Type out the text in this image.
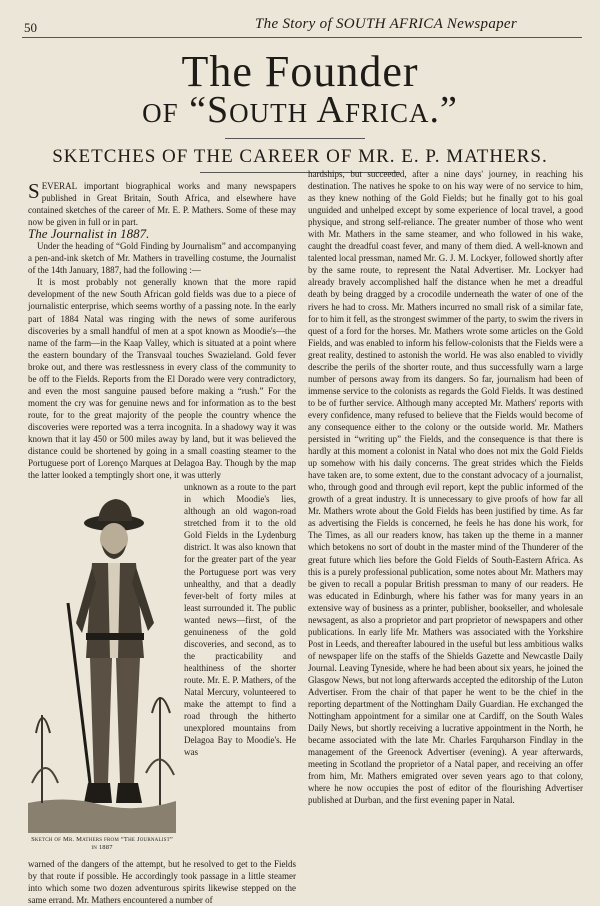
50	The Story of SOUTH AFRICA Newspaper
The Founder
of “South Africa.”
SKETCHES OF THE CAREER OF MR. E. P. MATHERS.

SEVERAL important biographical works and many newspapers published in Great Britain, South Africa, and elsewhere have contained sketches of the career of Mr. E. P. Mathers. Some of these may now be given in full or in part.

The Journalist in 1887.

Under the heading of “Gold Finding by Journalism” and accompanying a pen-and-ink sketch of Mr. Mathers in travelling costume, the Journalist of the 14th January, 1887, had the following :—

It is most probably not generally known that the more rapid development of the new South African gold fields was due to a piece of journalistic enterprise, which seems worthy of a passing note. In the early part of 1884 Natal was ringing with the news of some auriferous discoveries by a small handful of men at a spot known as Moodie's—the name of the farm—in the Kaap Valley, which is situated at a point where the eastern boundary of the Transvaal touches Swazieland. Gold fever broke out, and there was restlessness in every class of the community to be off to the Fields. Reports from the El Dorado were very contradictory, and even the most sanguine paused before making a “rush.” For the moment the cry was for genuine news and for information as to the best route, for to the great majority of the people the country whence the discoveries were reported was a terra incognita. In a shadowy way it was known that it lay 450 or 500 miles away by land, but it was believed the distance could be shortened by going in a small coasting steamer to the Portuguese port of Lorenço Marques at Delagoa Bay. Though by the map the latter looked a temptingly short one, it was utterly

Sketch of Mr. Mathers from “The Journalist” in 1887

unknown as a route to the part in which Moodie's lies, although an old wagon-road stretched from it to the old Gold Fields in the Lydenburg district. It was also known that for the greater part of the year the Portuguese port was very unhealthy, and that a deadly fever-belt of forty miles at least surrounded it. The public wanted news—first, of the genuineness of the gold discoveries, and second, as to the practicability and healthiness of the shorter route. Mr. E. P. Mathers, of the Natal Mercury, volunteered to make the attempt to find a road through the hitherto unexplored mountains from Delagoa Bay to Moodie's. He was

warned of the dangers of the attempt, but he resolved to get to the Fields by that route if possible. He accordingly took passage in a little steamer into which some two dozen adventurous spirits likewise stepped on the same errand. Mr. Mathers encountered a number of

hardships, but succeeded, after a nine days' journey, in reaching his destination. The natives he spoke to on his way were of no service to him, as they knew nothing of the Gold Fields; but he finally got to his goal unguided and unhelped except by some experience of local travel, a good physique, and strong self-reliance. The greater number of those who went with Mr. Mathers in the same steamer, and who followed in his wake, caught the dreadful coast fever, and many of them died. A well-known and talented local pressman, named Mr. G. J. M. Lockyer, followed shortly after by the same route, to represent the Natal Advertiser. Mr. Lockyer had already bravely accomplished half the distance when he met a dreadful death by being dragged by a crocodile underneath the water of one of the rivers he had to cross. Mr. Mathers incurred no small risk of a similar fate, for to him it fell, as the strongest swimmer of the party, to swim the rivers in quest of a ford for the horses. Mr. Mathers wrote some articles on the Gold Fields, and was enabled to inform his fellow-colonists that the Fields were a great reality, destined to astonish the world. He was also enabled to vividly describe the perils of the shorter route, and thus successfully warn a large number of persons away from its dangers. So far, journalism had been of immense service to the colonists as regards the Gold Fields. It was destined to be of further service. Although many accepted Mr. Mathers' reports with every confidence, many refused to believe that the Fields would become of any consequence either to the colony or the outside world. Mr. Mathers persisted in “writing up” the Fields, and the consequence is that there is hardly at this moment a colonist in Natal who does not mix the Gold Fields up somehow with his daily concerns. The great strides which the Fields have taken are, to some extent, due to the constant advocacy of a journalist, who, through good and through evil report, kept the public informed of the growth of a great industry. It is unnecessary to give proofs of how far all Mr. Mathers wrote about the Gold Fields has been justified by time. As far as advertising the Fields is concerned, he feels he has done his work, for The Times, as all our readers know, has taken up the theme in a manner which betokens no sort of doubt in the master mind of the Thunderer of the great future which lies before the Gold Fields of South-Eastern Africa. As this is a purely professional publication, some notes about Mr. Mathers may be given to recall a popular British pressman to many of our readers. He was educated in Edinburgh, where his father was for many years in an extensive way of business as a printer, publisher, bookseller, and wholesale newsagent, as also a proprietor and part proprietor of newspapers and other publications. In early life Mr. Mathers was associated with the Yorkshire Post in Leeds, and thereafter laboured in the useful but less ambitious walks of newspaper life on the staffs of the Shields Gazette and Newcastle Daily Journal. Leaving Tyneside, where he had been about six years, he joined the Glasgow News, but not long afterwards accepted the editorship of the Luton Advertiser. From the chair of that paper he went to be the chief in the reporting department of the Nottingham Daily Guardian. He exchanged the Nottingham appointment for a similar one at Cardiff, on the South Wales Daily News, but shortly receiving a lucrative appointment in the North, he became associated with the late Mr. Charles Farquharson Findlay in the management of the Greenock Advertiser (evening). A year afterwards, meeting in Scotland the proprietor of a Natal paper, and receiving an offer from him, Mr. Mathers emigrated over seven years ago to that colony, where he now occupies the post of editor of the flourishing Advertiser published at Durban, and the first evening paper in Natal.
